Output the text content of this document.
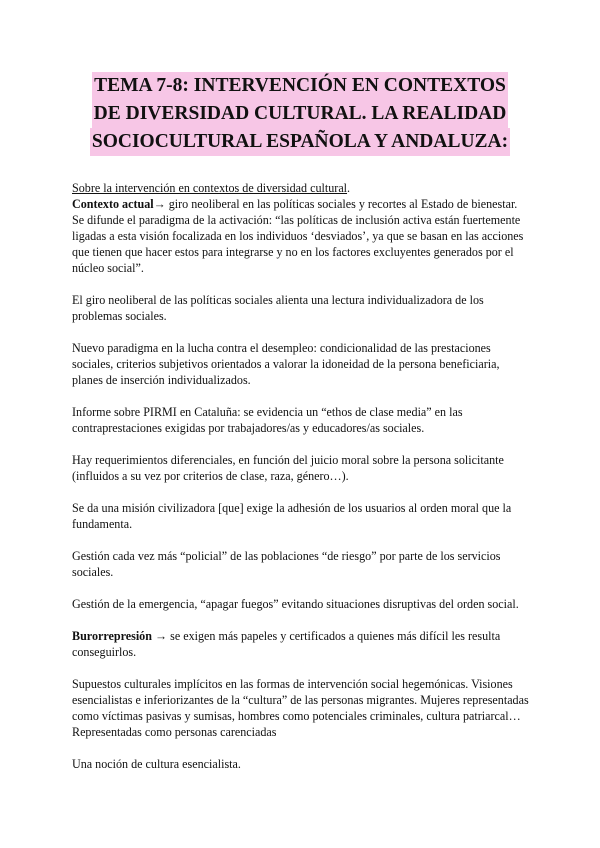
TEMA 7-8: INTERVENCIÓN EN CONTEXTOS
DE DIVERSIDAD CULTURAL. LA REALIDAD
SOCIOCULTURAL ESPAÑOLA Y ANDALUZA:

Sobre la intervención en contextos de diversidad cultural.

Contexto actual→ giro neoliberal en las políticas sociales y recortes al Estado de bienestar. Se difunde el paradigma de la activación: “las políticas de inclusión activa están fuertemente ligadas a esta visión focalizada en los individuos ‘desviados’, ya que se basan en las acciones que tienen que hacer estos para integrarse y no en los factores excluyentes generados por el núcleo social”.

El giro neoliberal de las políticas sociales alienta una lectura individualizadora de los problemas sociales.

Nuevo paradigma en la lucha contra el desempleo: condicionalidad de las prestaciones sociales, criterios subjetivos orientados a valorar la idoneidad de la persona beneficiaria, planes de inserción individualizados.

Informe sobre PIRMI en Cataluña: se evidencia un “ethos de clase media” en las contraprestaciones exigidas por trabajadores/as y educadores/as sociales.

Hay requerimientos diferenciales, en función del juicio moral sobre la persona solicitante (influidos a su vez por criterios de clase, raza, género…).

Se da una misión civilizadora [que] exige la adhesión de los usuarios al orden moral que la fundamenta.

Gestión cada vez más “policial” de las poblaciones “de riesgo” por parte de los servicios sociales.

Gestión de la emergencia, “apagar fuegos” evitando situaciones disruptivas del orden social.

Burorrepresión → se exigen más papeles y certificados a quienes más difícil les resulta conseguirlos.

Supuestos culturales implícitos en las formas de intervención social hegemónicas. Visiones esencialistas e inferiorizantes de la “cultura” de las personas migrantes. Mujeres representadas como víctimas pasivas y sumisas, hombres como potenciales criminales, cultura patriarcal… Representadas como personas carenciadas

Una noción de cultura esencialista.
